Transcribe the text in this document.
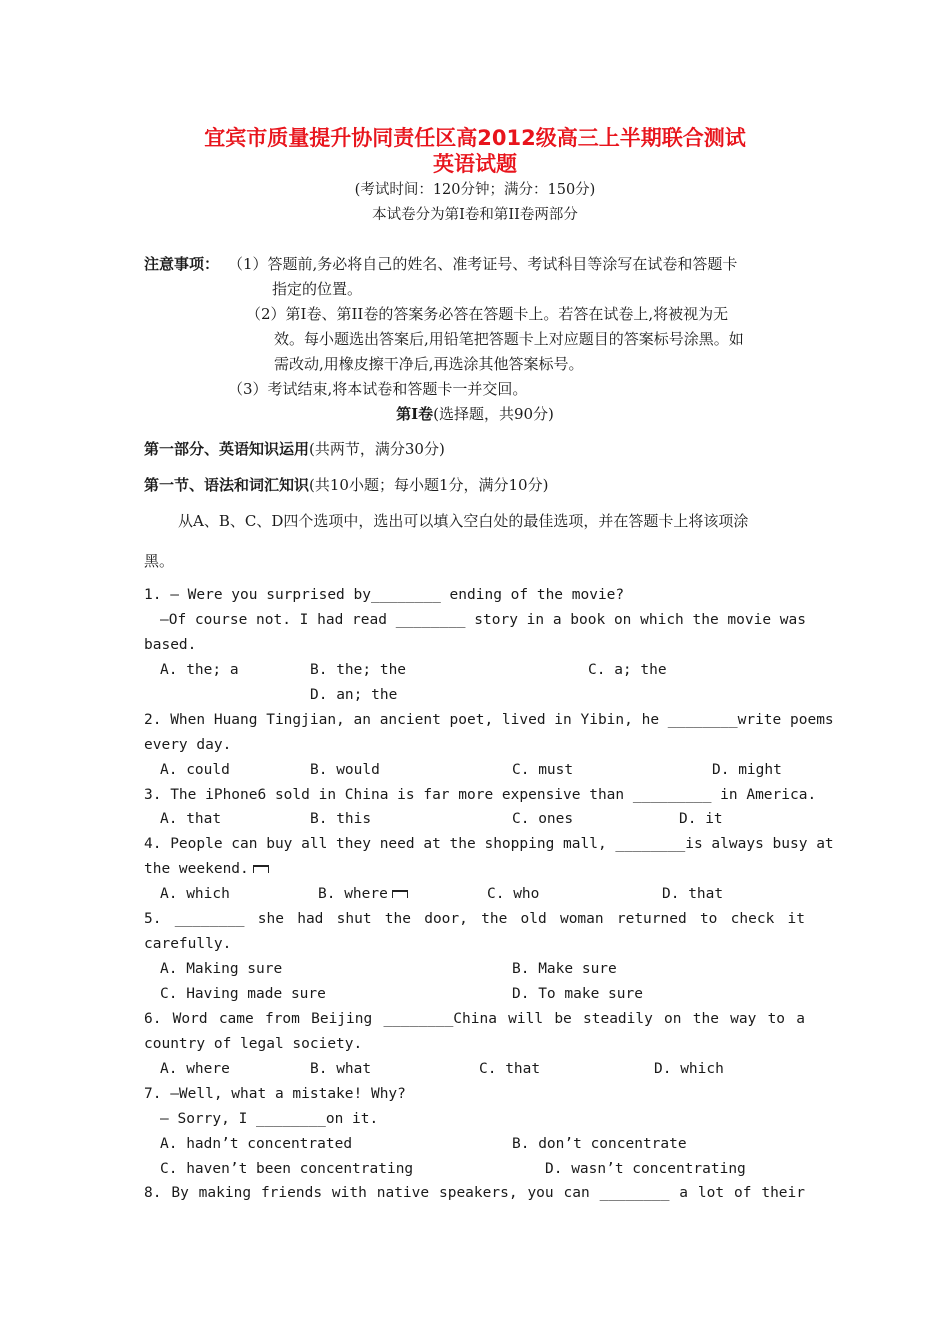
宜宾市质量提升协同责任区高2012级高三上半期联合测试
英语试题
(考试时间：120分钟；满分：150分)
本试卷分为第I卷和第II卷两部分
注意事项： （1）答题前,务必将自己的姓名、准考证号、考试科目等涂写在试卷和答题卡
指定的位置。
（2）第I卷、第II卷的答案务必答在答题卡上。若答在试卷上,将被视为无
效。每小题选出答案后,用铅笔把答题卡上对应题目的答案标号涂黑。如
需改动,用橡皮擦干净后,再选涂其他答案标号。
（3）考试结束,将本试卷和答题卡一并交回。
第I卷(选择题，共90分)
第一部分、英语知识运用(共两节，满分30分)
第一节、语法和词汇知识(共10小题；每小题1分，满分10分)
从A、B、C、D四个选项中，选出可以填入空白处的最佳选项，并在答题卡上将该项涂
黑。
1. — Were you surprised by________ ending of the movie?
—Of course not. I had read ________ story in a book on which the movie was
based.
A. the; a	B. the; the	C. a; the
D. an; the
2. When Huang Tingjian, an ancient poet, lived in Yibin, he ________write poems
every day.
A. could	B. would	C. must	D. might
3. The iPhone6 sold in China is far more expensive than _________ in America.
A. that	B. this	C. ones	D. it
4. People can buy all they need at the shopping mall, ________is always busy at
the weekend.
A. which	B. where	C. who	D. that
5. ________ she had shut the door, the old woman returned to check it
carefully.
A. Making sure	B. Make sure
C. Having made sure	D. To make sure
6. Word came from Beijing ________China will be steadily on the way to a
country of legal society.
A. where	B. what	C. that	D. which
7. —Well, what a mistake! Why?
— Sorry, I ________on it.
A. hadn’t concentrated	B. don’t concentrate
C. haven’t been concentrating	D. wasn’t concentrating
8. By making friends with native speakers, you can ________ a lot of their
